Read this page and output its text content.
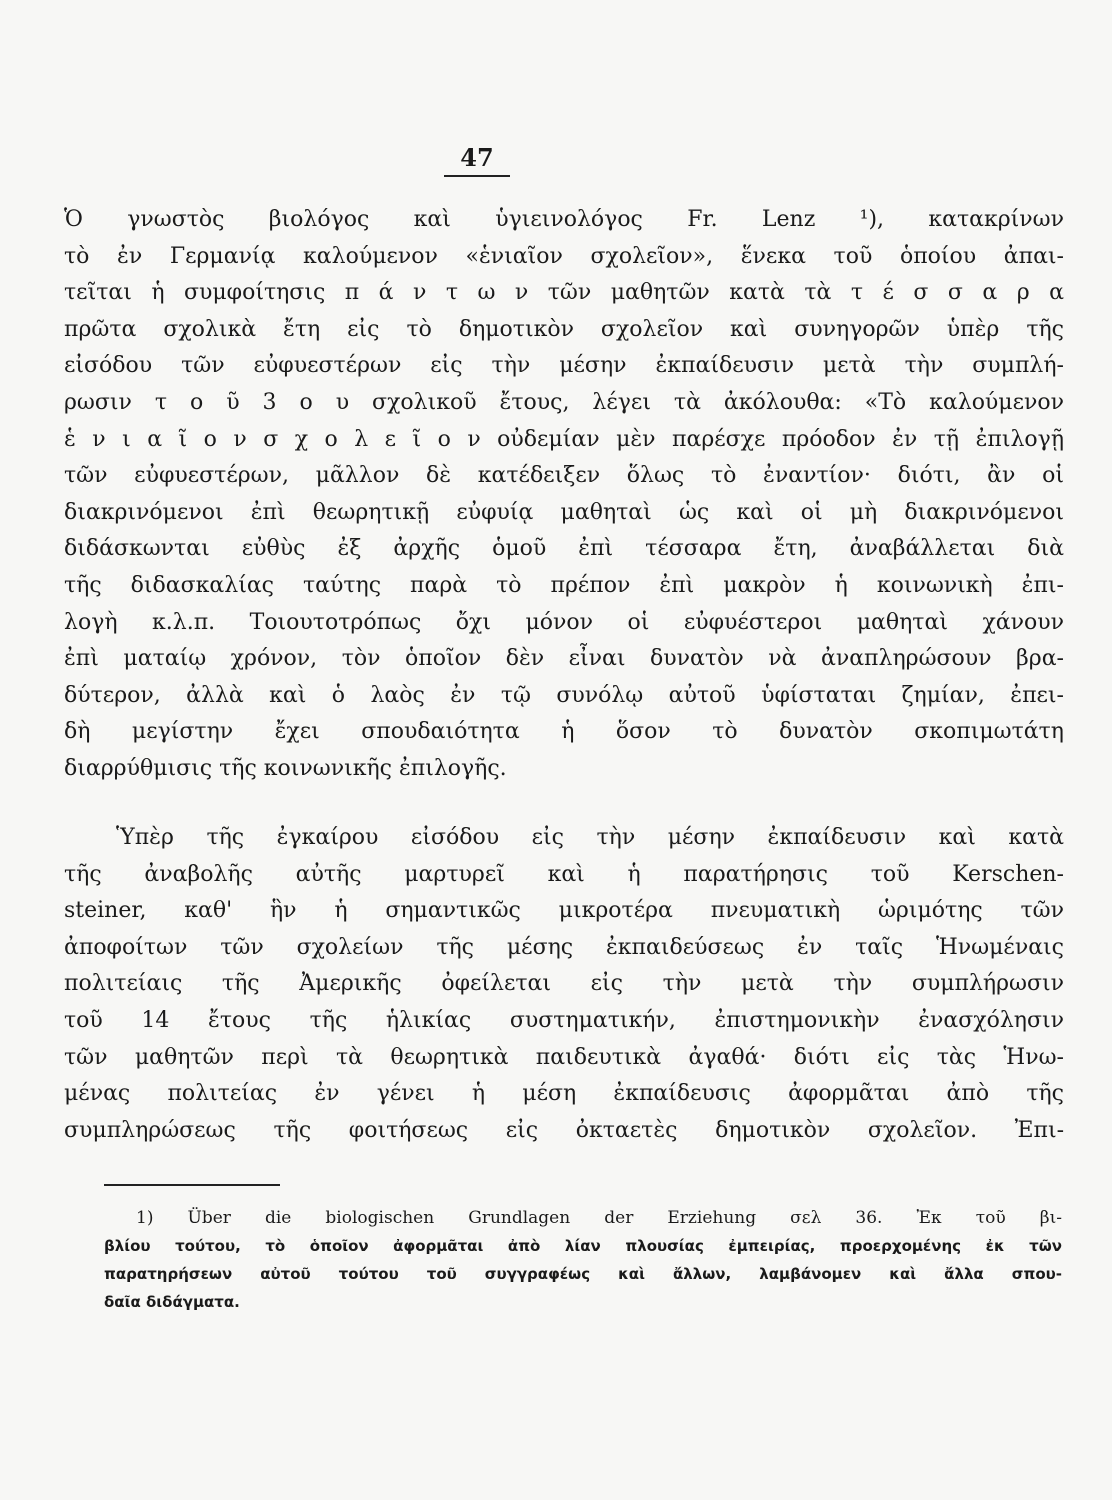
47
Ὁ γνωστὸς βιολόγος καὶ ὑγιεινολόγος Fr. Lenz ¹), κατακρίνων
τὸ ἐν Γερμανίᾳ καλούμενον «ἑνιαῖον σχολεῖον», ἕνεκα τοῦ ὁποίου ἀπαι-
τεῖται ἡ συμφοίτησις π ά ν τ ω ν τῶν μαθητῶν κατὰ τὰ τ έ σ σ α ρ α
πρῶτα σχολικὰ ἔτη εἰς τὸ δημοτικὸν σχολεῖον καὶ συνηγορῶν ὑπὲρ τῆς
εἰσόδου τῶν εὐφυεστέρων εἰς τὴν μέσην ἐκπαίδευσιν μετὰ τὴν συμπλή-
ρωσιν τ ο ῦ 3 ο υ σχολικοῦ ἔτους, λέγει τὰ ἀκόλουθα: «Τὸ καλούμενον
ἑ ν ι α ῖ ο ν σ χ ο λ ε ῖ ο ν οὐδεμίαν μὲν παρέσχε πρόοδον ἐν τῇ ἐπιλογῇ
τῶν εὐφυεστέρων, μᾶλλον δὲ κατέδειξεν ὅλως τὸ ἐναντίον· διότι, ἂν οἱ
διακρινόμενοι ἐπὶ θεωρητικῇ εὐφυίᾳ μαθηταὶ ὡς καὶ οἱ μὴ διακρινόμενοι
διδάσκωνται εὐθὺς ἐξ ἀρχῆς ὁμοῦ ἐπὶ τέσσαρα ἔτη, ἀναβάλλεται διὰ
τῆς διδασκαλίας ταύτης παρὰ τὸ πρέπον ἐπὶ μακρὸν ἡ κοινωνικὴ ἐπι-
λογὴ κ.λ.π. Τοιουτοτρόπως ὄχι μόνον οἱ εὐφυέστεροι μαθηταὶ χάνουν
ἐπὶ ματαίῳ χρόνον, τὸν ὁποῖον δὲν εἶναι δυνατὸν νὰ ἀναπληρώσουν βρα-
δύτερον, ἀλλὰ καὶ ὁ λαὸς ἐν τῷ συνόλῳ αὐτοῦ ὑφίσταται ζημίαν, ἐπει-
δὴ μεγίστην ἔχει σπουδαιότητα ἡ ὅσον τὸ δυνατὸν σκοπιμωτάτη
διαρρύθμισις τῆς κοινωνικῆς ἐπιλογῆς.
Ὑπὲρ τῆς ἐγκαίρου εἰσόδου εἰς τὴν μέσην ἐκπαίδευσιν καὶ κατὰ
τῆς ἀναβολῆς αὐτῆς μαρτυρεῖ καὶ ἡ παρατήρησις τοῦ Kerschen-
steiner, καθ' ἣν ἡ σημαντικῶς μικροτέρα πνευματικὴ ὡριμότης τῶν
ἀποφοίτων τῶν σχολείων τῆς μέσης ἐκπαιδεύσεως ἐν ταῖς Ἡνωμέναις
πολιτείαις τῆς Ἀμερικῆς ὀφείλεται εἰς τὴν μετὰ τὴν συμπλήρωσιν
τοῦ 14 ἔτους τῆς ἡλικίας συστηματικήν, ἐπιστημονικὴν ἐνασχόλησιν
τῶν μαθητῶν περὶ τὰ θεωρητικὰ παιδευτικὰ ἀγαθά· διότι εἰς τὰς Ἡνω-
μένας πολιτείας ἐν γένει ἡ μέση ἐκπαίδευσις ἀφορμᾶται ἀπὸ τῆς
συμπληρώσεως τῆς φοιτήσεως εἰς ὀκταετὲς δημοτικὸν σχολεῖον. Ἐπι-
1) Über die biologischen Grundlagen der Erziehung σελ 36. Ἐκ τοῦ βι-
βλίου τούτου, τὸ ὁποῖον ἀφορμᾶται ἀπὸ λίαν πλουσίας ἐμπειρίας, προερχομένης ἐκ τῶν
παρατηρήσεων αὐτοῦ τούτου τοῦ συγγραφέως καὶ ἄλλων, λαμβάνομεν καὶ ἄλλα σπου-
δαῖα διδάγματα.
